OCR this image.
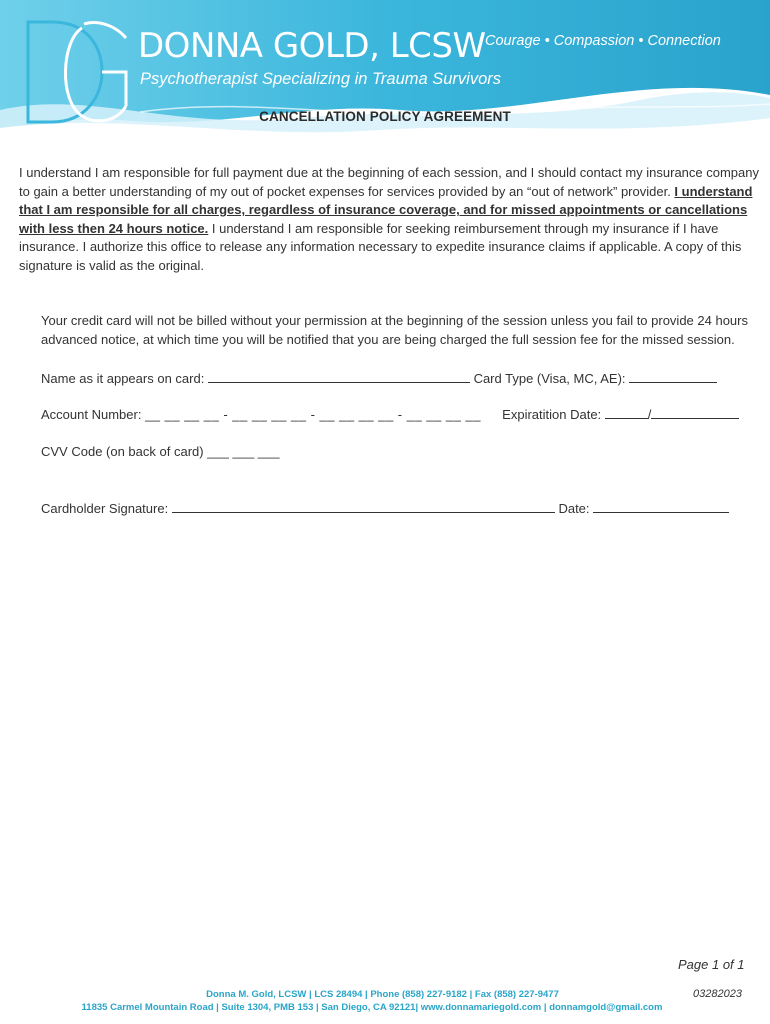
DONNA GOLD, LCSW
Psychotherapist Specializing in Trauma Survivors
Courage • Compassion • Connection
CANCELLATION POLICY AGREEMENT
I understand I am responsible for full payment due at the beginning of each session, and I should contact my insurance company to gain a better understanding of my out of pocket expenses for services provided by an “out of network” provider. I understand that I am responsible for all charges, regardless of insurance coverage, and for missed appointments or cancellations with less then 24 hours notice. I understand I am responsible for seeking reimbursement through my insurance if I have insurance. I authorize this office to release any information necessary to expedite insurance claims if applicable. A copy of this signature is valid as the original.
Your credit card will not be billed without your permission at the beginning of the session unless you fail to provide 24 hours advanced notice, at which time you will be notified that you are being charged the full session fee for the missed session.
Name as it appears on card:	Card Type (Visa, MC, AE):
Account Number: __ __ __ __ - __ __ __ __ - __ __ __ __ - __ __ __ __ Expiratition Date:	/
CVV Code (on back of card) ___ ___ ___
Cardholder Signature:	Date:
Page 1 of 1
03282023
Donna M. Gold, LCSW | LCS 28494 | Phone (858) 227-9182 | Fax (858) 227-9477
11835 Carmel Mountain Road | Suite 1304, PMB 153 | San Diego, CA 92121| www.donnamariegold.com | donnamgold@gmail.com
